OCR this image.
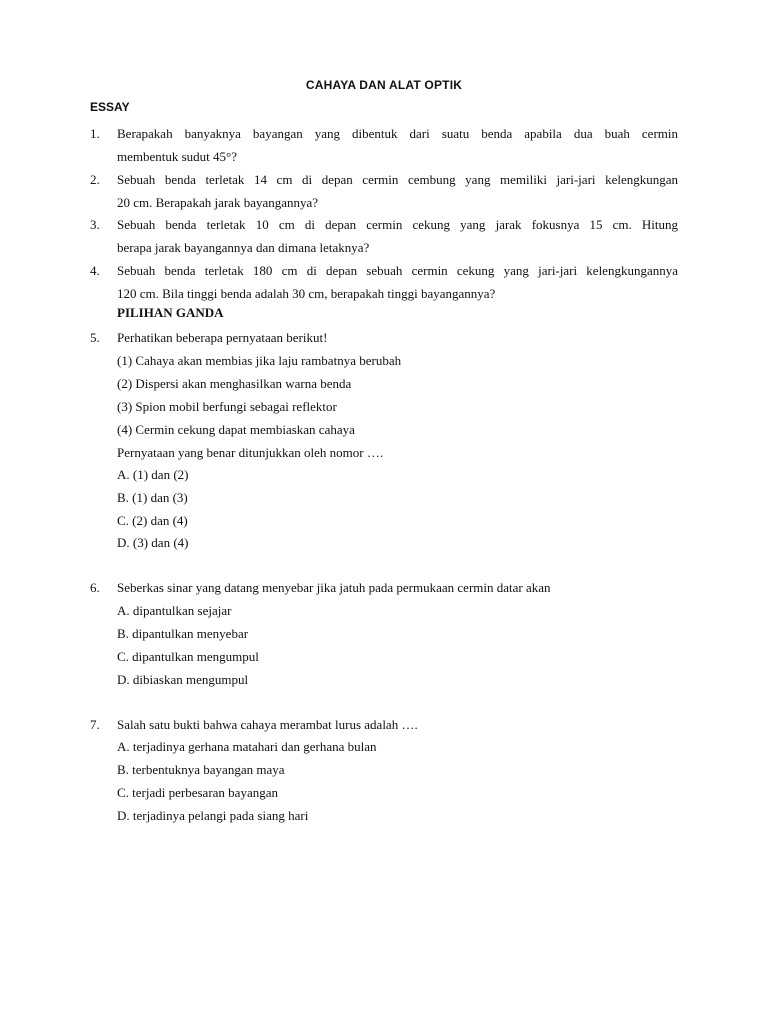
CAHAYA DAN ALAT OPTIK
ESSAY
1. Berapakah banyaknya bayangan yang dibentuk dari suatu benda apabila dua buah cermin
membentuk sudut 45°?
2. Sebuah benda terletak 14 cm di depan cermin cembung yang memiliki jari-jari kelengkungan
20 cm. Berapakah jarak bayangannya?
3. Sebuah benda terletak 10 cm di depan cermin cekung yang jarak fokusnya 15 cm. Hitung
berapa jarak bayangannya dan dimana letaknya?
4. Sebuah benda terletak 180 cm di depan sebuah cermin cekung yang jari-jari kelengkungannya
120 cm. Bila tinggi benda adalah 30 cm, berapakah tinggi bayangannya?
PILIHAN GANDA
5. Perhatikan beberapa pernyataan berikut!
(1) Cahaya akan membias jika laju rambatnya berubah
(2) Dispersi akan menghasilkan warna benda
(3) Spion mobil berfungi sebagai reflektor
(4) Cermin cekung dapat membiaskan cahaya
Pernyataan yang benar ditunjukkan oleh nomor ….
A. (1) dan (2)
B. (1) dan (3)
C. (2) dan (4)
D. (3) dan (4)
6. Seberkas sinar yang datang menyebar jika jatuh pada permukaan cermin datar akan
A. dipantulkan sejajar
B. dipantulkan menyebar
C. dipantulkan mengumpul
D. dibiaskan mengumpul
7. Salah satu bukti bahwa cahaya merambat lurus adalah ….
A. terjadinya gerhana matahari dan gerhana bulan
B. terbentuknya bayangan maya
C. terjadi perbesaran bayangan
D. terjadinya pelangi pada siang hari
